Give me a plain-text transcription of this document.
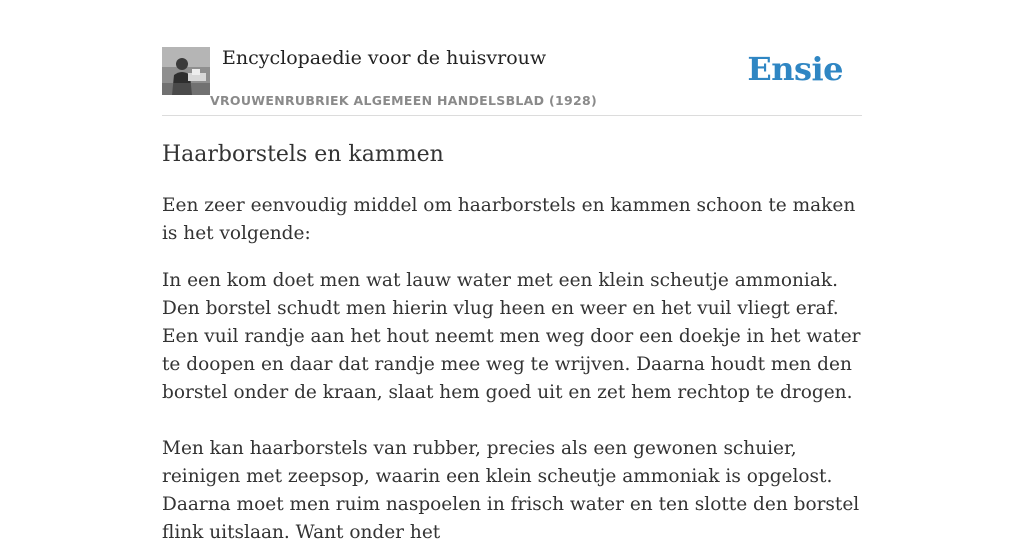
Encyclopaedie voor de huisvrouw
VROUWENRUBRIEK ALGEMEEN HANDELSBLAD (1928)
Ensie
Haarborstels en kammen

Een zeer eenvoudig middel om haarborstels en kammen schoon te maken is het volgende:

In een kom doet men wat lauw water met een klein scheutje ammoniak. Den borstel schudt men hierin vlug heen en weer en het vuil vliegt eraf. Een vuil randje aan het hout neemt men weg door een doekje in het water te doopen en daar dat randje mee weg te wrijven. Daarna houdt men den borstel onder de kraan, slaat hem goed uit en zet hem rechtop te drogen.

Men kan haarborstels van rubber, precies als een gewonen schuier, reinigen met zeepsop, waarin een klein scheutje ammoniak is opgelost. Daarna moet men ruim naspoelen in frisch water en ten slotte den borstel flink uitslaan. Want onder het
